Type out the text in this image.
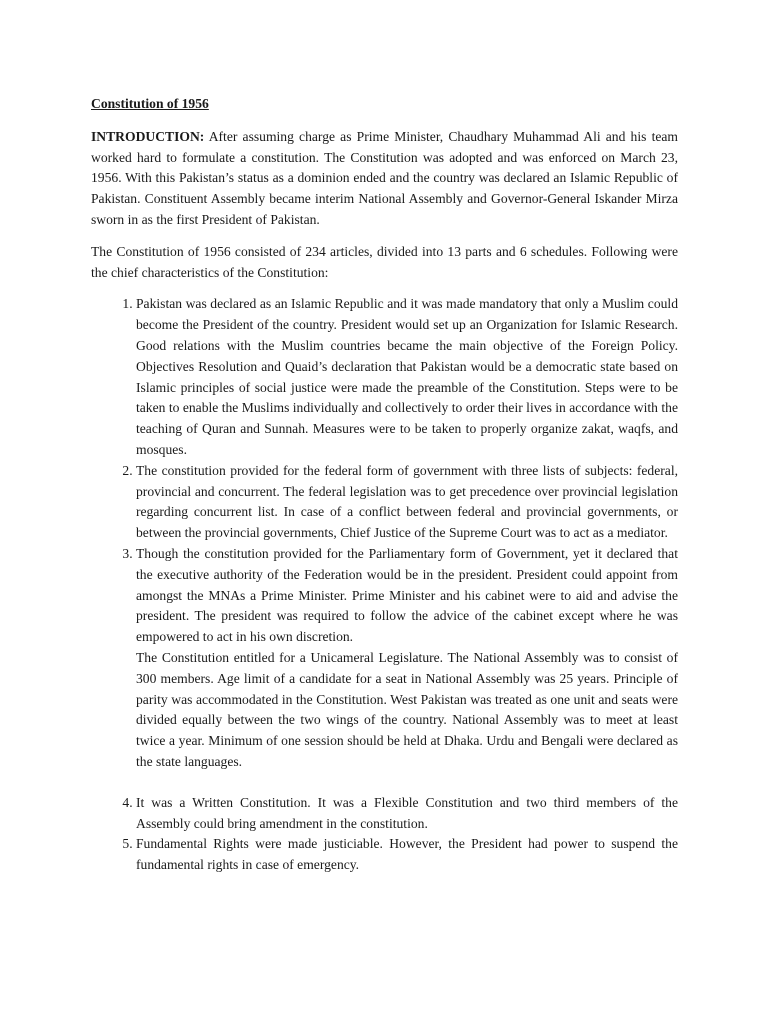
Constitution of 1956

INTRODUCTION: After assuming charge as Prime Minister, Chaudhary Muhammad Ali and his team worked hard to formulate a constitution. The Constitution was adopted and was enforced on March 23, 1956. With this Pakistan’s status as a dominion ended and the country was declared an Islamic Republic of Pakistan. Constituent Assembly became interim National Assembly and Governor-General Iskander Mirza sworn in as the first President of Pakistan.

The Constitution of 1956 consisted of 234 articles, divided into 13 parts and 6 schedules. Following were the chief characteristics of the Constitution:

1. Pakistan was declared as an Islamic Republic and it was made mandatory that only a Muslim could become the President of the country. President would set up an Organization for Islamic Research. Good relations with the Muslim countries became the main objective of the Foreign Policy. Objectives Resolution and Quaid’s declaration that Pakistan would be a democratic state based on Islamic principles of social justice were made the preamble of the Constitution. Steps were to be taken to enable the Muslims individually and collectively to order their lives in accordance with the teaching of Quran and Sunnah. Measures were to be taken to properly organize zakat, waqfs, and mosques.
2. The constitution provided for the federal form of government with three lists of subjects: federal, provincial and concurrent. The federal legislation was to get precedence over provincial legislation regarding concurrent list. In case of a conflict between federal and provincial governments, or between the provincial governments, Chief Justice of the Supreme Court was to act as a mediator.
3. Though the constitution provided for the Parliamentary form of Government, yet it declared that the executive authority of the Federation would be in the president. President could appoint from amongst the MNAs a Prime Minister. Prime Minister and his cabinet were to aid and advise the president. The president was required to follow the advice of the cabinet except where he was empowered to act in his own discretion.
The Constitution entitled for a Unicameral Legislature. The National Assembly was to consist of 300 members. Age limit of a candidate for a seat in National Assembly was 25 years. Principle of parity was accommodated in the Constitution. West Pakistan was treated as one unit and seats were divided equally between the two wings of the country. National Assembly was to meet at least twice a year. Minimum of one session should be held at Dhaka. Urdu and Bengali were declared as the state languages.
4. It was a Written Constitution. It was a Flexible Constitution and two third members of the Assembly could bring amendment in the constitution.
5. Fundamental Rights were made justiciable. However, the President had power to suspend the fundamental rights in case of emergency.
